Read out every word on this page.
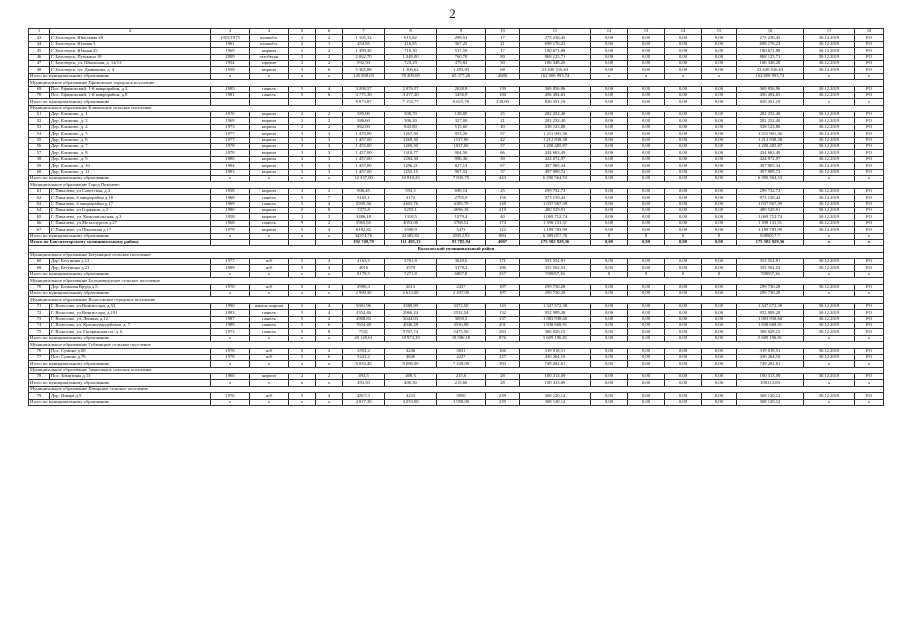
2
1	2	3	4	5	6	7	8	9	10	11	12	13	14	15	16	17	18
43	Г. Белозерск, Школьная 28	1955/1975	шлакобл.	2	2	1 105,32	615,82	299,54	17	275 236,45	0,00	0,00	0,00	0,00	275 236,45	30.12.2019	РО
44	Г. Белозерск, Южная 3	1961	шлакобл.	2	1	454,85	416,85	367,25	21	698 176,23	0,00	0,00	0,00	0,00	698 176,23	30.12.2019	РО
45	Г. Белозерск, Южная 25	1969	кирпич	2	2	1 399,30	718,30	537,50	17	180 671,88	0,00	0,00	0,00	0,00	180 671,88	30.12.2019	РО
46	Г. Белозерск, Пушкина 18	2009	газобетон	3	2	2 062,70	1 349,00	760,70	80	868 125,71	0,00	0,00	0,00	0,00	868 125,71	30.12.2019	РО
47	Г. Белозерск, ул. Школьная, д. 14/13	1954	прочие	2	2	932,50	723,29	479,82	30	106 348,20	0,00	0,00	0,00	0,00	106 348,20	30.12.2019	РО
48	Г. Белозерск, пл. Дьяконова, д. 4	1959	кирпич	3	6	5 365,88	1 306,62	1 493,83	68	23 630 516,63	0,00	0,00	0,00	0,00	23 630 516,63	30.12.2019	РО
Итого по муниципальному образованию		x	x	x	x	145 838,03	78 409,08	65 377,26	2680	162 006 993,74	x	x	x	x	162 006 993,74	x	x
Муниципальное образование Ефимовское городское поселение																	
69	Пос. Ефимовский, 1-й микрорайон, д.2	1985	панель	5	4	3 298,57	2 876,57	2638,8	139	369 856,96	0,00	0,00	0,00	0,00	369 856,96	30.12.2019	РО
70	Пос. Ефимовский, 1-й микрорайон, д.8	1981	панель	5	6	4 775,30	4 277,20	3456,9	180	456 494,63	0,00	0,00	0,00	0,00	456 494,63	30.12.2019	РО
Итого по муниципальному образованию						8 073,87	7 153,77	6 615,70	239,00	826 351,19	0,00	0,00	0,00	0,00	826 351,19	x	x
Муниципальное образование Климовское сельское поселение																	
51	Дер. Климово, д. 1	1970	кирпич	2	2	585,00	508,70	138,80	25	282 252,40	0,00	0,00	0,00	0,00	282 252,40	30.12.2019	РО
52	Дер. Климово, д. 2	1969	кирпич	2	2	380,60	306,20	327,00	21	282 252,40	0,00	0,00	0,00	0,00	282 252,40	30.12.2019	РО
53	Дер. Климово, д. 4	1973	кирпич	2	2	962,00	843,80	515,60	40	338 123,80	0,00	0,00	0,00	0,00	338 123,80	30.12.2019	РО
54	Дер. Климово, д. 5	1977	кирпич	3	3	1 470,00	1267,30	953,20	57	1 211 901,36	0,00	0,00	0,00	0,00	1 211 901,36	30.12.2019	РО
55	Дер. Климово, д. 6	1977	кирпич	3	3	1 457,00	1269,30	1137,80	42	1 212 838,38	0,00	0,00	0,00	0,00	1 212 838,38	30.12.2019	РО
56	Дер. Климово, д. 7	1978	кирпич	3	3	1 455,00	1269,30	1037,00	37	1 208 485,87	0,00	0,00	0,00	0,00	1 208 485,87	30.12.2019	РО
57	Дер. Климово, д. 8	1978	кирпич	3	3	1 457,00	1310,77	904,50	66	434 663,49	0,00	0,00	0,00	0,00	434 663,49	30.12.2019	РО
58	Дер. Климово, д. 9	1980	кирпич	3	3	1 457,00	1284,30	996,30	39	424 072,97	0,00	0,00	0,00	0,00	424 072,97	30.12.2019	РО
59	Дер. Климово, д. 10	1984	кирпич	3	3	1 457,00	1296,21	827,13	67	497 985,34	0,00	0,00	0,00	0,00	497 985,34	30.12.2019	РО
60	Дер. Климово, д. 11	1983	кирпич	3	3	1 457,00	1252,15	907,52	37	497 989,72	0,00	0,00	0,00	0,00	497 989,72	30.12.2019	РО
Итого по муниципальному образованию		x	x	x	x	12 337,00	10 810,25	7 835,75	443	6 390 564,53	0,00	0,00	0,00	0,00	6 390 564,53	x	x
Муниципальное образование Город Пикалево																	
61	Г. Пикалево, ул.Советская, д.3	1958	кирпич	3	2	906,45	593,5	690,14	25	299 732,72	0,00	0,00	0,00	0,00	299 732,72	30.12.2019	РО
62	Г. Пикалево, 6 микрорайон д.18	1968	панель	5	7	5165,1	3173	2795,9	156	973 139,42	0,00	0,00	0,00	0,00	973 139,42	30.12.2019	РО
63	Г. Пикалево, 6 микрорайон д.17	1969	панель	5	4	5595,36	4401,76	4183,79	148	1 037 967,39	0,00	0,00	0,00	0,00	1 037 967,39	30.12.2019	РО
64	Г. Пикалево, ул.Горняков, д.2	1980	кирпич	5	8	7475,8	5255,1	4696,18	219	480 529,91	0,00	0,00	0,00	0,00	480 529,91	30.12.2019	РО
65	Г. Пикалево, ул. Комсомольская, д.3	1958	кирпич	3	3	3486,18	1310,5	1079,4	40	1 069 712,74	0,00	0,00	0,00	0,00	1 069 712,74	30.12.2019	РО
66	Г. Пикалево, ул.Металлургов д.27	1968	панель	9	2	5965,65	4053,06	3708,52	174	1 398 131,51	0,00	0,00	0,00	0,00	1 398 131,51	30.12.2019	РО
67	Г. Пикалево, ул.Школьная д.17	1979	кирпич	5	4	6182,82	3598,9	3471	122	1 189 783,99	0,00	0,00	0,00	0,00	1 189 783,99	30.12.2019	РО
Итого по муниципальному образованию		x	x	x	x	34574,76	22385,82	20352,93	884	6 389 017,70	0	0	0	0	6389017,7	x	x
Итого по Бокситогорскому муниципальному району						192 749,79	111 495,13	93 785,94	4007	175 582 929,36	0,00	0,00	0,00	0,00	175 582 929,36	x	x
Волосовский муниципальный район																	
Муниципальное образование Бегуницкое сельское поселение																	
68	Дер. Бегуницы д.12	1977	ж/б	5	4	4163,5	3701,8	3629,6	171	353 554,81	0,00	0,00	0,00	0,00	353 554,81	30.12.2019	РО
69	Дер. Бегуницы д.21	1989	ж/б	5	4	4016	3570	3178,2	186	355 502,53	0,00	0,00	0,00	0,00	355 502,53	30.12.2019	РО
Итого по муниципальному образованию		x	x	x	x	8179,5	7271,8	6807,8	357	709057,36	0	0	0	0	709057,36	x	x
Муниципальное образование Большеврудское сельское поселение																	
70	Дер. Большая Вруда д.5	1970	ж/б	5	4	2990,3	2613	2437	187	299 730,28	0,00	0,00	0,00	0,00	299 730,28	30.12.2019	РО
Итого по муниципальному образованию		x	x	x	x	2 990,30	2 613,00	2 437,00	187	299 730,28	0,00	0,00	0,00	0,00	299 730,28	x	x
Муниципальное образование Волосовское городское поселение																	
71	Г. Волосово, ул.Вингиссара, д.53	1990	панель кирпич	5	4	5601,96	3589,90	3372,50	143	1 347 572,38	0,00	0,00	0,00	0,00	1 347 572,38	30.12.2019	РО
72	Г. Волосово, ул.Вингиссара, д.101	1983	панель	5	4	4352,46	2966,24	2532,54	132	952 989,28	0,00	0,00	0,00	0,00	952 989,28	30.12.2019	РО
73	Г. Волосово, ул. Ленина, д.12	1987	панель	5	4	4968,83	3044,03	3059,5	137	1 083 938,60	0,00	0,00	0,00	0,00	1 083 938,60	30.12.2019	РО
74	Г. Волосово, ул. Красногвардейская, д. 7	1989	панель	5	6	7654,48	4846,28	4536,08	201	1 838 668,91	0,00	0,00	0,00	0,00	1 838 668,91	30.12.2019	РО
75	Г. Волосово, ул. Гагаринская пл. д. 6	1973	панель	5	8	7541	5707,74	5475,56	283	386 028,15	0,00	0,00	0,00	0,00	386 028,15	30.12.2019	РО
Итого по муниципальному образованию		x	x	x	x	29 128,61	19 974,29	18 586,18	876	5 609 196,81	0,00	0,00	0,00	0,00	5 609 196,81	x	x
Муниципальное образование Губаницкое сельское поселение																	
76	Пос. Сумино д.68	1976	ж/б	5	4	3592,2	3246	3031	166	319 018,51	0,00	0,00	0,00	0,00	319 018,51	30.12.2019	РО
77	Пос. Сумино д.70	1978	ж/б	5	6	5241,2	4840	4227	227	430 264,10	0,00	0,00	0,00	0,00	430 264,10	30.12.2019	РО
Итого по муниципальному образованию		x	x	x	x	8 833,40	8 086,00	7 258,00	393	749 282,61	0,00	0,00	0,00	0,00	749 282,61	x	x
Муниципальное образование Зимитицкое сельское поселение																	
78	Пос. Зимитицы д.13	1960	кирпич	2	2	493,5	400,3	215,6	28	100 313,09	0,00	0,00	0,00	0,00	100 313,09	30.12.2019	РО
Итого по муниципальному образованию		x	x	x	x	493,50	400,30	215,60	28	100 313,09	0,00	0,00	0,00	0,00	100313,09	x	x
Муниципальное образование Изварское сельское поселение																	
79	Дер. Извара д.9	1976	ж/б	5	4	4817,3	4233	3950	239	368 120,12	0,00	0,00	0,00	0,00	368 120,12	30.12.2019	РО
Итого по муниципальному образованию		x	x	x	x	4 817,30	4 233,00	3 950,00	239	368 120,12	0,00	0,00	0,00	0,00	368 120,12	x	x
